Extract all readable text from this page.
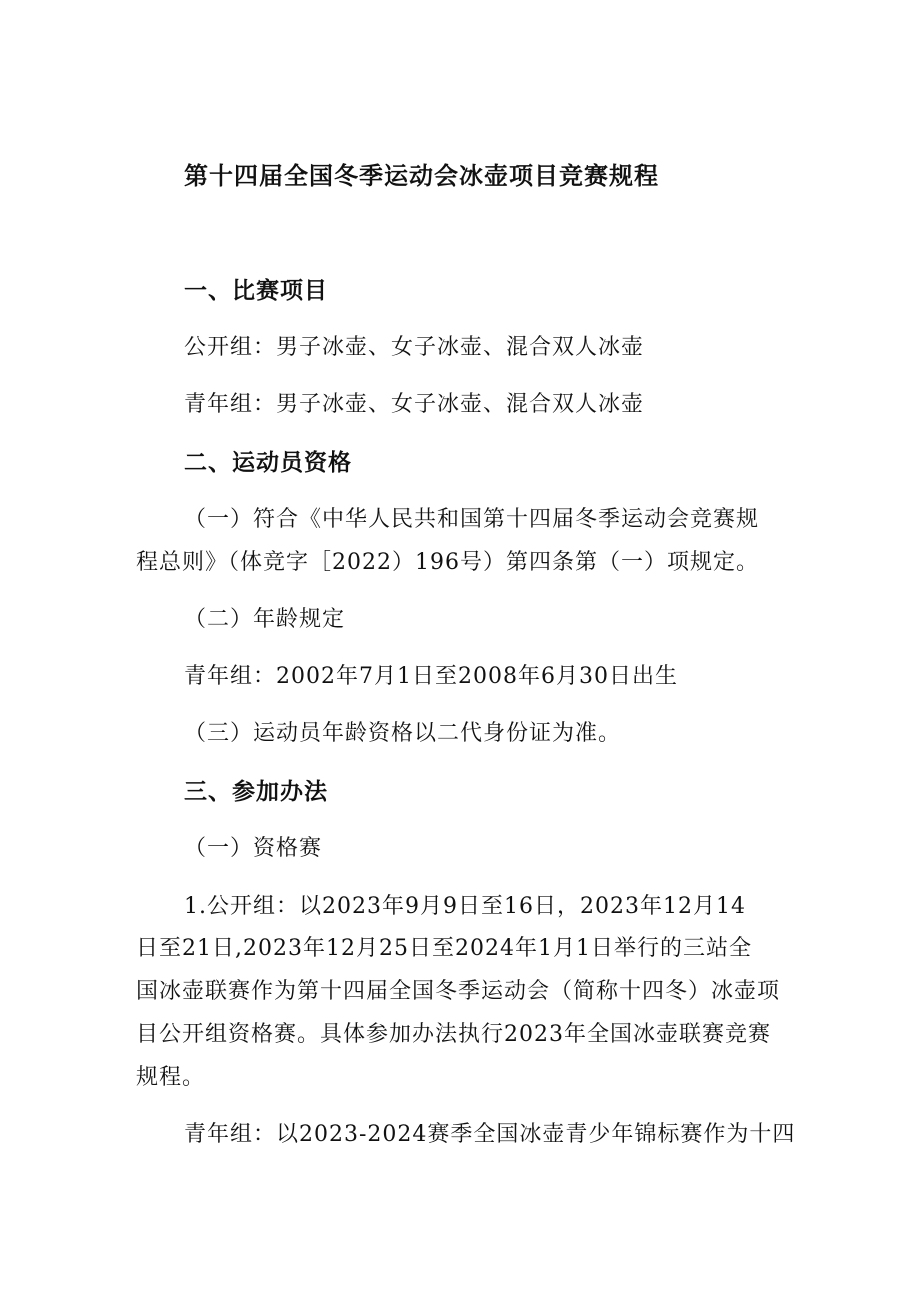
第十四届全国冬季运动会冰壶项目竞赛规程
一、比赛项目
公开组：男子冰壶、女子冰壶、混合双人冰壶
青年组：男子冰壶、女子冰壶、混合双人冰壶
二、运动员资格
（一）符合《中华人民共和国第十四届冬季运动会竞赛规
程总则》（体竞字［2022）196号）第四条第（一）项规定。
（二）年龄规定
青年组：2002年7月1日至2008年6月30日出生
（三）运动员年龄资格以二代身份证为准。
三、参加办法
（一）资格赛
1.公开组：以2023年9月9日至16日，2023年12月14
日至21日,2023年12月25日至2024年1月1日举行的三站全
国冰壶联赛作为第十四届全国冬季运动会（简称十四冬）冰壶项
目公开组资格赛。具体参加办法执行2023年全国冰壶联赛竞赛
规程。
青年组：以2023-2024赛季全国冰壶青少年锦标赛作为十四
